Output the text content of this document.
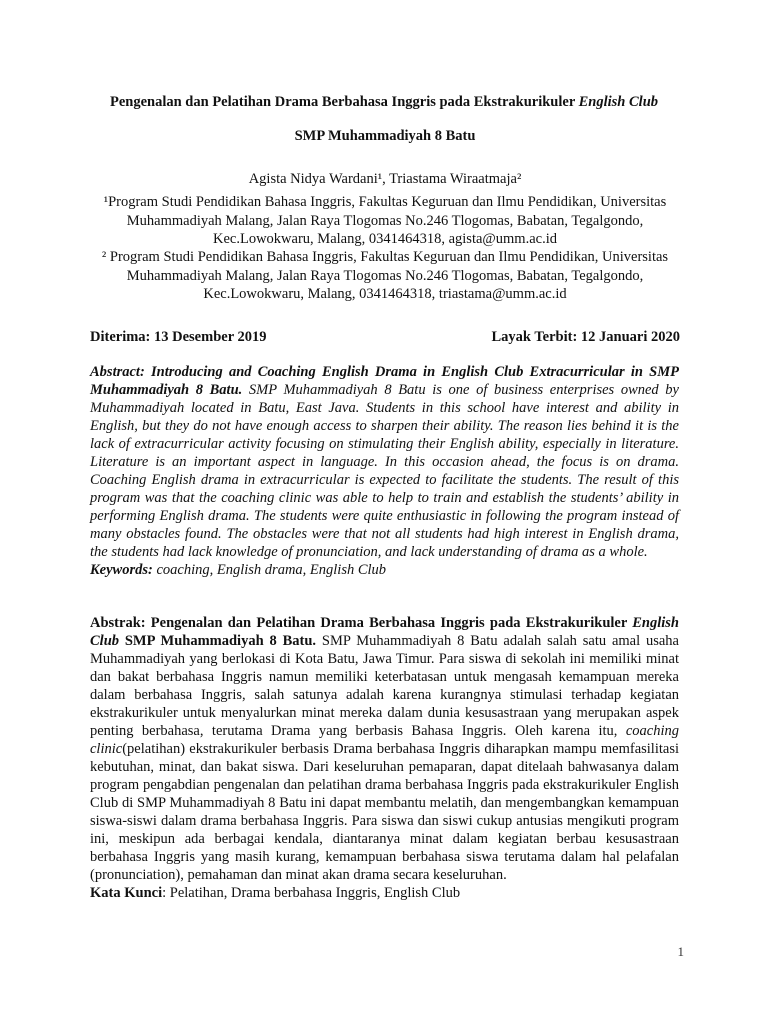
Pengenalan dan Pelatihan Drama Berbahasa Inggris pada Ekstrakurikuler English Club
SMP Muhammadiyah 8 Batu
Agista Nidya Wardani¹, Triastama Wiraatmaja²
¹Program Studi Pendidikan Bahasa Inggris, Fakultas Keguruan dan Ilmu Pendidikan, Universitas Muhammadiyah Malang, Jalan Raya Tlogomas No.246 Tlogomas, Babatan, Tegalgondo, Kec.Lowokwaru, Malang, 0341464318, agista@umm.ac.id
² Program Studi Pendidikan Bahasa Inggris, Fakultas Keguruan dan Ilmu Pendidikan, Universitas Muhammadiyah Malang, Jalan Raya Tlogomas No.246 Tlogomas, Babatan, Tegalgondo, Kec.Lowokwaru, Malang, 0341464318, triastama@umm.ac.id
Diterima: 13 Desember 2019	Layak Terbit: 12 Januari 2020
Abstract: Introducing and Coaching English Drama in English Club Extracurricular in SMP Muhammadiyah 8 Batu. SMP Muhammadiyah 8 Batu is one of business enterprises owned by Muhammadiyah located in Batu, East Java. Students in this school have interest and ability in English, but they do not have enough access to sharpen their ability. The reason lies behind it is the lack of extracurricular activity focusing on stimulating their English ability, especially in literature. Literature is an important aspect in language. In this occasion ahead, the focus is on drama. Coaching English drama in extracurricular is expected to facilitate the students. The result of this program was that the coaching clinic was able to help to train and establish the students’ ability in performing English drama. The students were quite enthusiastic in following the program instead of many obstacles found. The obstacles were that not all students had high interest in English drama, the students had lack knowledge of pronunciation, and lack understanding of drama as a whole.
Keywords: coaching, English drama, English Club
Abstrak: Pengenalan dan Pelatihan Drama Berbahasa Inggris pada Ekstrakurikuler English Club SMP Muhammadiyah 8 Batu. SMP Muhammadiyah 8 Batu adalah salah satu amal usaha Muhammadiyah yang berlokasi di Kota Batu, Jawa Timur. Para siswa di sekolah ini memiliki minat dan bakat berbahasa Inggris namun memiliki keterbatasan untuk mengasah kemampuan mereka dalam berbahasa Inggris, salah satunya adalah karena kurangnya stimulasi terhadap kegiatan ekstrakurikuler untuk menyalurkan minat mereka dalam dunia kesusastraan yang merupakan aspek penting berbahasa, terutama Drama yang berbasis Bahasa Inggris. Oleh karena itu, coaching clinic(pelatihan) ekstrakurikuler berbasis Drama berbahasa Inggris diharapkan mampu memfasilitasi kebutuhan, minat, dan bakat siswa. Dari keseluruhan pemaparan, dapat ditelaah bahwasanya dalam program pengabdian pengenalan dan pelatihan drama berbahasa Inggris pada ekstrakurikuler English Club di SMP Muhammadiyah 8 Batu ini dapat membantu melatih, dan mengembangkan kemampuan siswa-siswi dalam drama berbahasa Inggris. Para siswa dan siswi cukup antusias mengikuti program ini, meskipun ada berbagai kendala, diantaranya minat dalam kegiatan berbau kesusastraan berbahasa Inggris yang masih kurang, kemampuan berbahasa siswa terutama dalam hal pelafalan (pronunciation), pemahaman dan minat akan drama secara keseluruhan.
Kata Kunci: Pelatihan, Drama berbahasa Inggris, English Club
1
